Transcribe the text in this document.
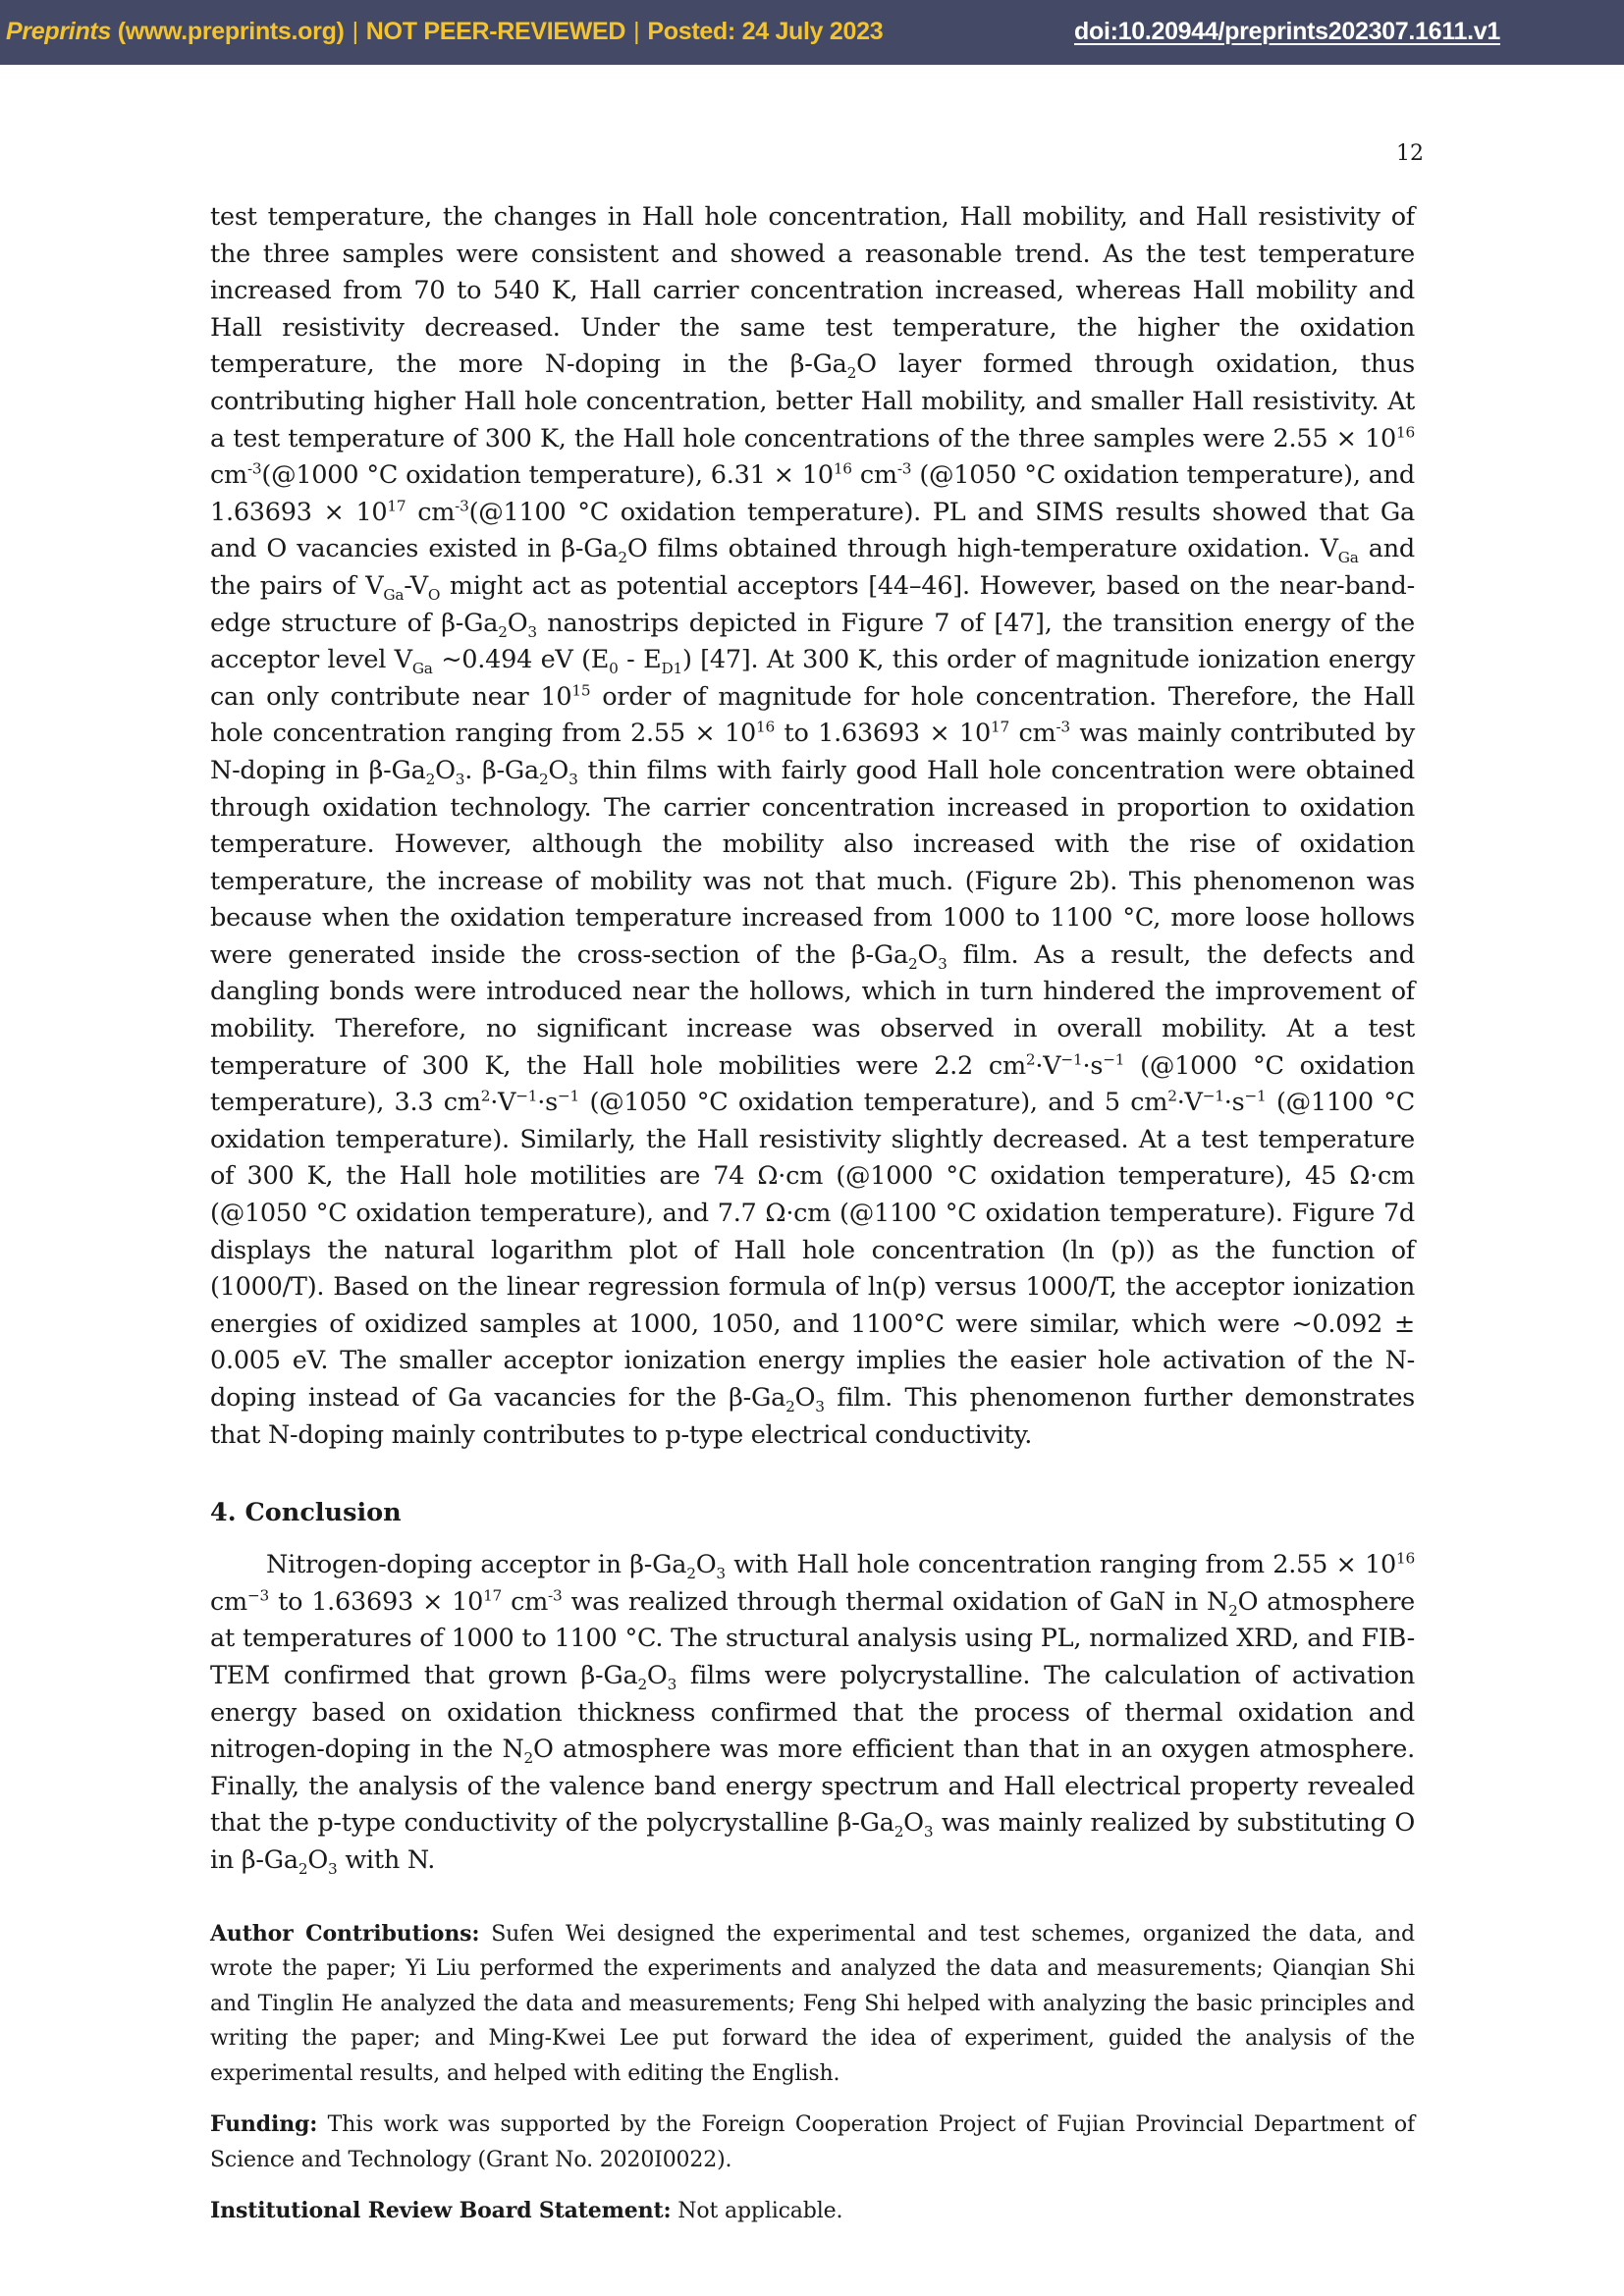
Preprints (www.preprints.org) | NOT PEER-REVIEWED | Posted: 24 July 2023	doi:10.20944/preprints202307.1611.v1
12

test temperature, the changes in Hall hole concentration, Hall mobility, and Hall resistivity of the three samples were consistent and showed a reasonable trend. As the test temperature increased from 70 to 540 K, Hall carrier concentration increased, whereas Hall mobility and Hall resistivity decreased. Under the same test temperature, the higher the oxidation temperature, the more N-doping in the $\beta-Ga_2O$ layer formed through oxidation, thus contributing higher Hall hole concentration, better Hall mobility, and smaller Hall resistivity. At a test temperature of 300 K, the Hall hole concentrations of the three samples were $2.55 \times 10^{16}$ $cm^{-3}(@1000$ °C oxidation temperature), $6.31 \times 10^{16}$ $cm^{-3}$ (@1050 °C oxidation temperature), and $1.63693 \times 10^{17}$ $cm^{-3}(@1100$ °C oxidation temperature). PL and SIMS results showed that Ga and O vacancies existed in $\beta-Ga_2O$ films obtained through high-temperature oxidation. $V_{Ga}$ and the pairs of $V_{Ga}-V_O$ might act as potential acceptors [44–46]. However, based on the near-band-edge structure of $\beta-Ga_2O_3$ nanostrips depicted in Figure 7 of [47], the transition energy of the acceptor level $V_{Ga}$ ~0.494 eV $(E_0 - E_{D1})$ [47]. At 300 K, this order of magnitude ionization energy can only contribute near $10^{15}$ order of magnitude for hole concentration. Therefore, the Hall hole concentration ranging from $2.55 \times 10^{16}$ to $1.63693 \times 10^{17}$ $cm^{-3}$ was mainly contributed by N-doping in $\beta-Ga_2O_3$. $\beta-Ga_2O_3$ thin films with fairly good Hall hole concentration were obtained through oxidation technology. The carrier concentration increased in proportion to oxidation temperature. However, although the mobility also increased with the rise of oxidation temperature, the increase of mobility was not that much. (Figure 2b). This phenomenon was because when the oxidation temperature increased from 1000 to 1100 °C, more loose hollows were generated inside the cross-section of the $\beta-Ga_2O_3$ film. As a result, the defects and dangling bonds were introduced near the hollows, which in turn hindered the improvement of mobility. Therefore, no significant increase was observed in overall mobility. At a test temperature of 300 K, the Hall hole mobilities were 2.2 $cm^2\cdot V^{-1}\cdot s^{-1}$ (@1000 °C oxidation temperature), 3.3 $cm^2\cdot V^{-1}\cdot s^{-1}$ (@1050 °C oxidation temperature), and 5 $cm^2\cdot V^{-1}\cdot s^{-1}$ (@1100 °C oxidation temperature). Similarly, the Hall resistivity slightly decreased. At a test temperature of 300 K, the Hall hole motilities are 74 Ω·cm (@1000 °C oxidation temperature), 45 Ω·cm (@1050 °C oxidation temperature), and 7.7 Ω·cm (@1100 °C oxidation temperature). Figure 7d displays the natural logarithm plot of Hall hole concentration (ln (p)) as the function of (1000/T). Based on the linear regression formula of ln(p) versus 1000/T, the acceptor ionization energies of oxidized samples at 1000, 1050, and 1100°C were similar, which were ~0.092 ± 0.005 eV. The smaller acceptor ionization energy implies the easier hole activation of the N-doping instead of Ga vacancies for the $\beta-Ga_2O_3$ film. This phenomenon further demonstrates that N-doping mainly contributes to p-type electrical conductivity.

4. Conclusion

Nitrogen-doping acceptor in $\beta-Ga_2O_3$ with Hall hole concentration ranging from $2.55 \times 10^{16}$ $cm^{-3}$ to $1.63693 \times 10^{17}$ $cm^{-3}$ was realized through thermal oxidation of GaN in $N_2O$ atmosphere at temperatures of 1000 to 1100 °C. The structural analysis using PL, normalized XRD, and FIB-TEM confirmed that grown $\beta-Ga_2O_3$ films were polycrystalline. The calculation of activation energy based on oxidation thickness confirmed that the process of thermal oxidation and nitrogen-doping in the $N_2O$ atmosphere was more efficient than that in an oxygen atmosphere. Finally, the analysis of the valence band energy spectrum and Hall electrical property revealed that the p-type conductivity of the polycrystalline $\beta-Ga_2O_3$ was mainly realized by substituting O in $\beta-Ga_2O_3$ with N.

Author Contributions: Sufen Wei designed the experimental and test schemes, organized the data, and wrote the paper; Yi Liu performed the experiments and analyzed the data and measurements; Qianqian Shi and Tinglin He analyzed the data and measurements; Feng Shi helped with analyzing the basic principles and writing the paper; and Ming-Kwei Lee put forward the idea of experiment, guided the analysis of the experimental results, and helped with editing the English.

Funding: This work was supported by the Foreign Cooperation Project of Fujian Provincial Department of Science and Technology (Grant No. 2020I0022).

Institutional Review Board Statement: Not applicable.
